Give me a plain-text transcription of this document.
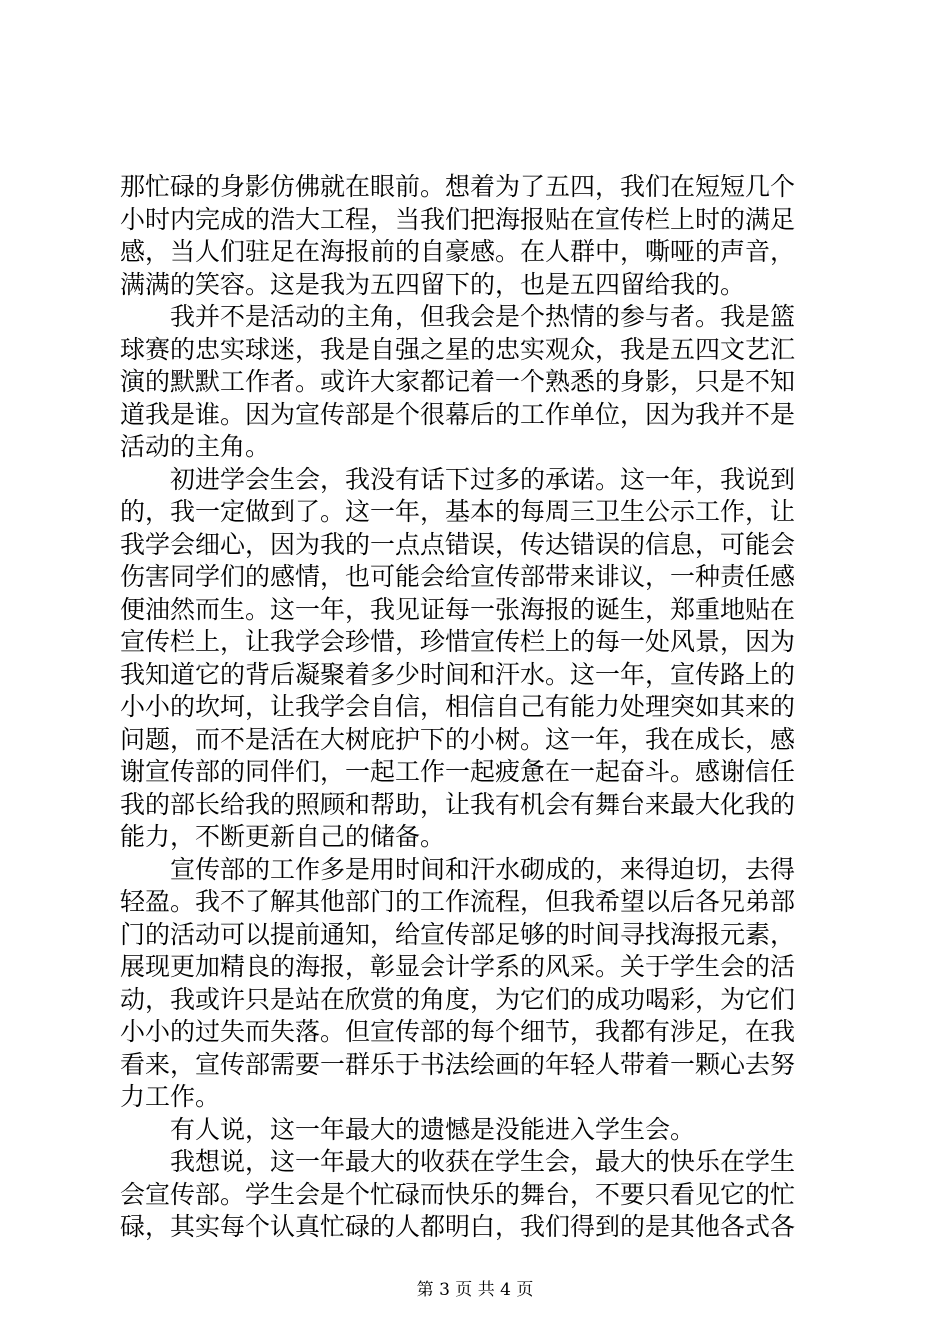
那忙碌的身影仿佛就在眼前。想着为了五四，我们在短短几个
小时内完成的浩大工程，当我们把海报贴在宣传栏上时的满足
感，当人们驻足在海报前的自豪感。在人群中，嘶哑的声音，
满满的笑容。这是我为五四留下的，也是五四留给我的。
我并不是活动的主角，但我会是个热情的参与者。我是篮
球赛的忠实球迷，我是自强之星的忠实观众，我是五四文艺汇
演的默默工作者。或许大家都记着一个熟悉的身影，只是不知
道我是谁。因为宣传部是个很幕后的工作单位，因为我并不是
活动的主角。
初进学会生会，我没有话下过多的承诺。这一年，我说到
的，我一定做到了。这一年，基本的每周三卫生公示工作，让
我学会细心，因为我的一点点错误，传达错误的信息，可能会
伤害同学们的感情，也可能会给宣传部带来诽议，一种责任感
便油然而生。这一年，我见证每一张海报的诞生，郑重地贴在
宣传栏上，让我学会珍惜，珍惜宣传栏上的每一处风景，因为
我知道它的背后凝聚着多少时间和汗水。这一年，宣传路上的
小小的坎坷，让我学会自信，相信自己有能力处理突如其来的
问题，而不是活在大树庇护下的小树。这一年，我在成长，感
谢宣传部的同伴们，一起工作一起疲惫在一起奋斗。感谢信任
我的部长给我的照顾和帮助，让我有机会有舞台来最大化我的
能力，不断更新自己的储备。
宣传部的工作多是用时间和汗水砌成的，来得迫切，去得
轻盈。我不了解其他部门的工作流程，但我希望以后各兄弟部
门的活动可以提前通知，给宣传部足够的时间寻找海报元素，
展现更加精良的海报，彰显会计学系的风采。关于学生会的活
动，我或许只是站在欣赏的角度，为它们的成功喝彩，为它们
小小的过失而失落。但宣传部的每个细节，我都有涉足，在我
看来，宣传部需要一群乐于书法绘画的年轻人带着一颗心去努
力工作。
有人说，这一年最大的遗憾是没能进入学生会。
我想说，这一年最大的收获在学生会，最大的快乐在学生
会宣传部。学生会是个忙碌而快乐的舞台，不要只看见它的忙
碌，其实每个认真忙碌的人都明白，我们得到的是其他各式各
第 3 页 共 4 页
